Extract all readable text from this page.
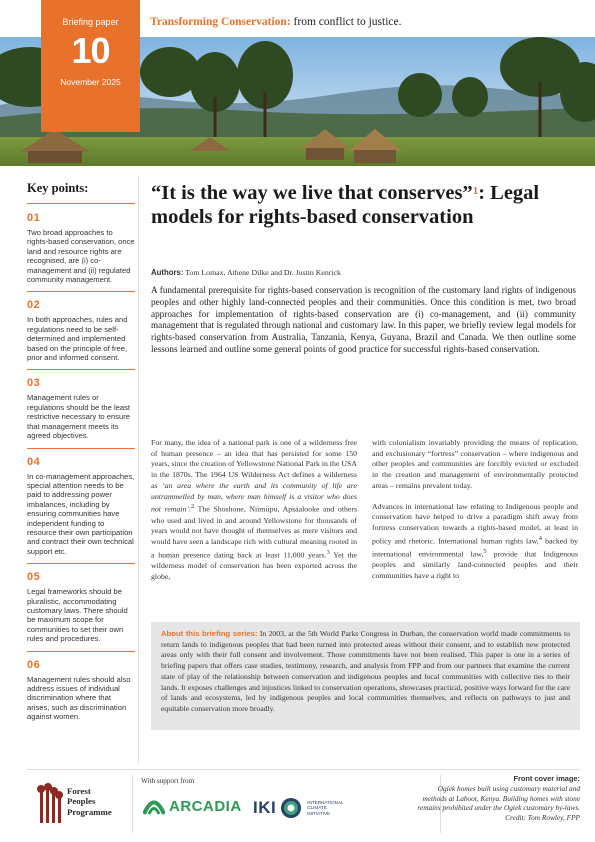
Briefing paper
10
November 2025
Transforming Conservation: from conflict to justice.
Key points:
01
Two broad approaches to rights-based conservation, once land and resource rights are recognised, are (i) co-management and (ii) regulated community management.
02
In both approaches, rules and regulations need to be self-determined and implemented based on the principle of free, prior and informed consent.
03
Management rules or regulations should be the least restrictive necessary to ensure that management meets its agreed objectives.
04
In co-management approaches, special attention needs to be paid to addressing power imbalances, including by ensuring communities have independent funding to resource their own participation and contract their own technical support etc.
05
Legal frameworks should be pluralistic, accommodating customary laws. There should be maximum scope for communities to set their own rules and procedures.
06
Management rules should also address issues of individual discrimination where that arises, such as discrimination against women.
“It is the way we live that conserves”$^1$: Legal models for rights-based conservation
Authors: Tom Lomax, Athene Dilke and Dr. Justin Kenrick

A fundamental prerequisite for rights-based conservation is recognition of the customary land rights of indigenous peoples and other highly land-connected peoples and their communities. Once this condition is met, two broad approaches for implementation of rights-based conservation are (i) co-management, and (ii) community management that is regulated through national and customary law. In this paper, we briefly review legal models for rights-based conservation from Australia, Tanzania, Kenya, Guyana, Brazil and Canada. We then outline some lessons learned and outline some general points of good practice for successful rights-based conservation.

For many, the idea of a national park is one of a wilderness free of human presence – an idea that has persisted for some 150 years, since the creation of Yellowstone National Park in the USA in the 1870s. The 1964 US Wilderness Act defines a wilderness as ‘an area where the earth and its community of life are untrammelled by man, where man himself is a visitor who does not remain’.$^2$ The Shoshone, Niimiipu, Apsáalooke and others who used and lived in and around Yellowstone for thousands of years would not have thought of themselves as mere visitors and would have seen a landscape rich with cultural meaning rooted in a human presence dating back at least 11,000 years.$^3$ Yet the wilderness model of conservation has been exported across the globe,

with colonialism invariably providing the means of replication, and exclusionary “fortress” conservation – where indigenous and other peoples and communities are forcibly evicted or excluded in the creation and management of environmentally protected areas – remains prevalent today.

Advances in international law relating to Indigenous people and conservation have helped to drive a paradigm shift away from fortress conservation towards a rights-based model, at least in policy and rhetoric. International human rights law,$^4$ backed by international environmental law,$^5$ provide that Indigenous peoples and similarly land-connected peoples and their communities have a right to

About this briefing series: In 2003, at the 5th World Parks Congress in Durban, the conservation world made commitments to return lands to indigenous peoples that had been turned into protected areas without their consent, and to establish new protected areas only with their full consent and involvement. Those commitments have not been realised. This paper is one in a series of briefing papers that offers case studies, testimony, research, and analysis from FPP and from our partners that examine the current state of play of the relationship between conservation and indigenous peoples and local communities with collective ties to their lands. It exposes challenges and injustices linked to conservation operations, showcases practical, positive ways forward for the care of lands and ecosystems, led by indigenous peoples and local communities themselves, and reflects on pathways to just and equitable conservation more broadly.
Forest
Peoples
Programme
With support from
ARCADIA IKI	INTERNATIONAL
CLIMATE
INITIATIVE
Front cover image:
Ogiek homes built using customary material and methods at Laboot, Kenya. Building homes with stone remains prohibited under the Ogiek customary by-laws.
Credit: Tom Rowley, FPP
